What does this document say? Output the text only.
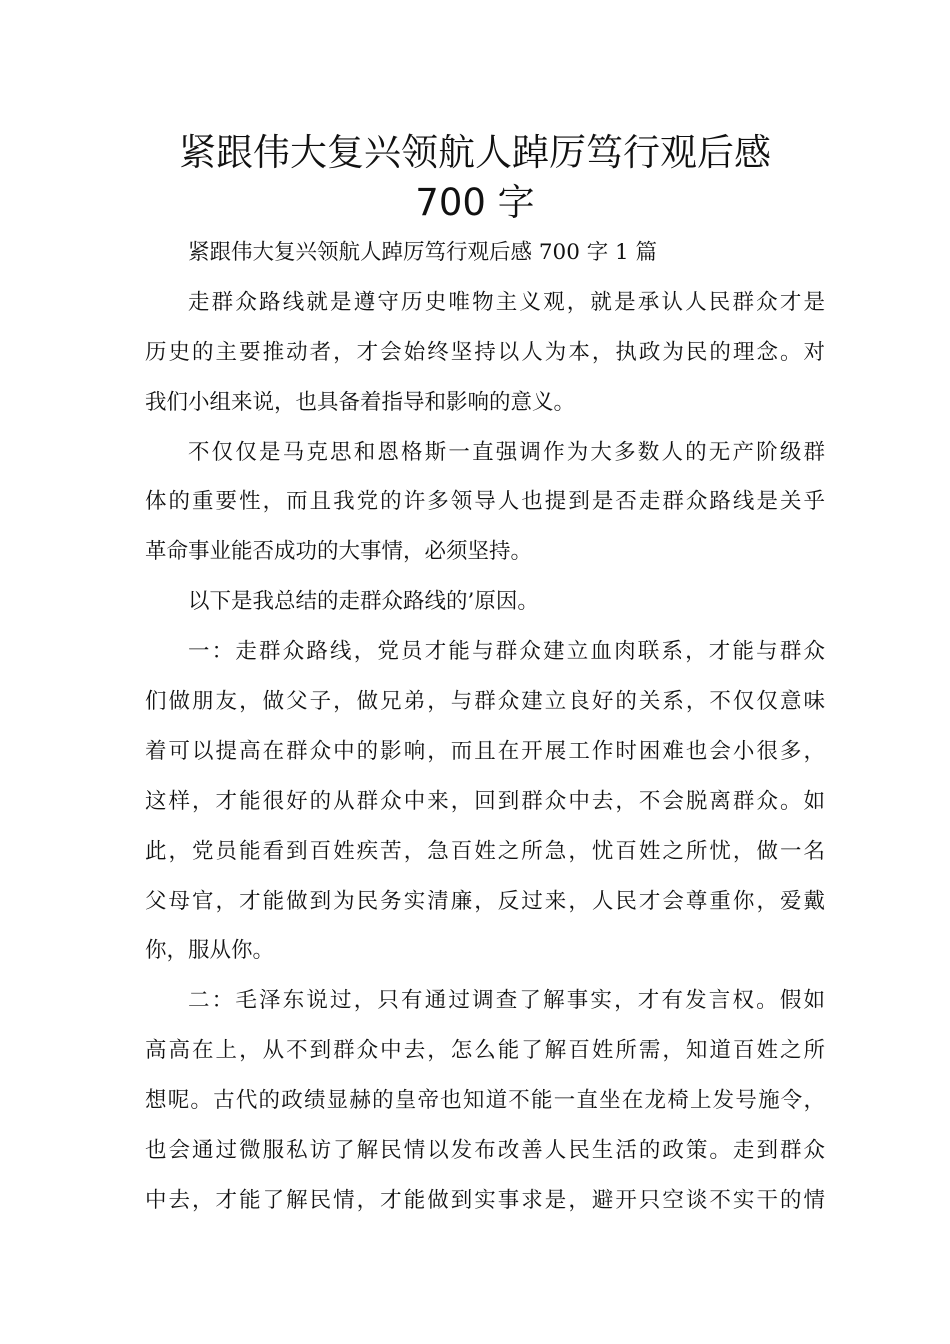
紧跟伟大复兴领航人踔厉笃行观后感
700 字
紧跟伟大复兴领航人踔厉笃行观后感 700 字 1 篇
走群众路线就是遵守历史唯物主义观，就是承认人民群众才是
历史的主要推动者，才会始终坚持以人为本，执政为民的理念。对
我们小组来说，也具备着指导和影响的意义。
不仅仅是马克思和恩格斯一直强调作为大多数人的无产阶级群
体的重要性，而且我党的许多领导人也提到是否走群众路线是关乎
革命事业能否成功的大事情，必须坚持。
以下是我总结的走群众路线的’原因。
一：走群众路线，党员才能与群众建立血肉联系，才能与群众
们做朋友，做父子，做兄弟，与群众建立良好的关系，不仅仅意味
着可以提高在群众中的影响，而且在开展工作时困难也会小很多，
这样，才能很好的从群众中来，回到群众中去，不会脱离群众。如
此，党员能看到百姓疾苦，急百姓之所急，忧百姓之所忧，做一名
父母官，才能做到为民务实清廉，反过来，人民才会尊重你，爱戴
你，服从你。
二：毛泽东说过，只有通过调查了解事实，才有发言权。假如
高高在上，从不到群众中去，怎么能了解百姓所需，知道百姓之所
想呢。古代的政绩显赫的皇帝也知道不能一直坐在龙椅上发号施令，
也会通过微服私访了解民情以发布改善人民生活的政策。走到群众
中去，才能了解民情，才能做到实事求是，避开只空谈不实干的情
